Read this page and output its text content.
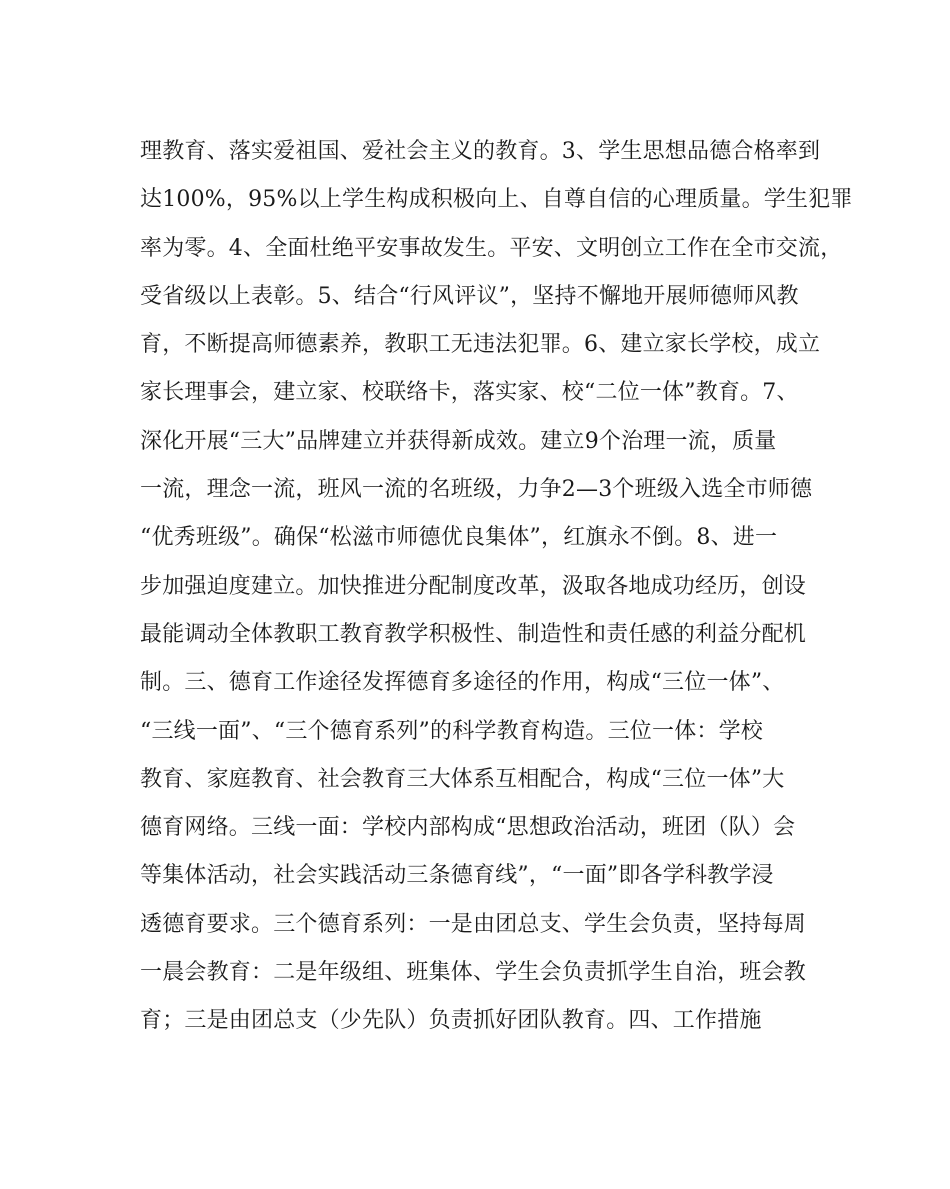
理教育、落实爱祖国、爱社会主义的教育。3、学生思想品德合格率到
达100%，95%以上学生构成积极向上、自尊自信的心理质量。学生犯罪
率为零。4、全面杜绝平安事故发生。平安、文明创立工作在全市交流，
受省级以上表彰。5、结合“行风评议”，坚持不懈地开展师德师风教
育，不断提高师德素养，教职工无违法犯罪。6、建立家长学校，成立
家长理事会，建立家、校联络卡，落实家、校“二位一体”教育。7、
深化开展“三大”品牌建立并获得新成效。建立9个治理一流，质量
一流，理念一流，班风一流的名班级，力争2—3个班级入选全市师德
“优秀班级”。确保“松滋市师德优良集体”，红旗永不倒。8、进一
步加强迫度建立。加快推进分配制度改革，汲取各地成功经历，创设
最能调动全体教职工教育教学积极性、制造性和责任感的利益分配机
制。三、德育工作途径发挥德育多途径的作用，构成“三位一体”、
“三线一面”、“三个德育系列”的科学教育构造。三位一体：学校
教育、家庭教育、社会教育三大体系互相配合，构成“三位一体”大
德育网络。三线一面：学校内部构成“思想政治活动，班团（队）会
等集体活动，社会实践活动三条德育线”，“一面”即各学科教学浸
透德育要求。三个德育系列：一是由团总支、学生会负责，坚持每周
一晨会教育：二是年级组、班集体、学生会负责抓学生自治，班会教
育；三是由团总支（少先队）负责抓好团队教育。四、工作措施
